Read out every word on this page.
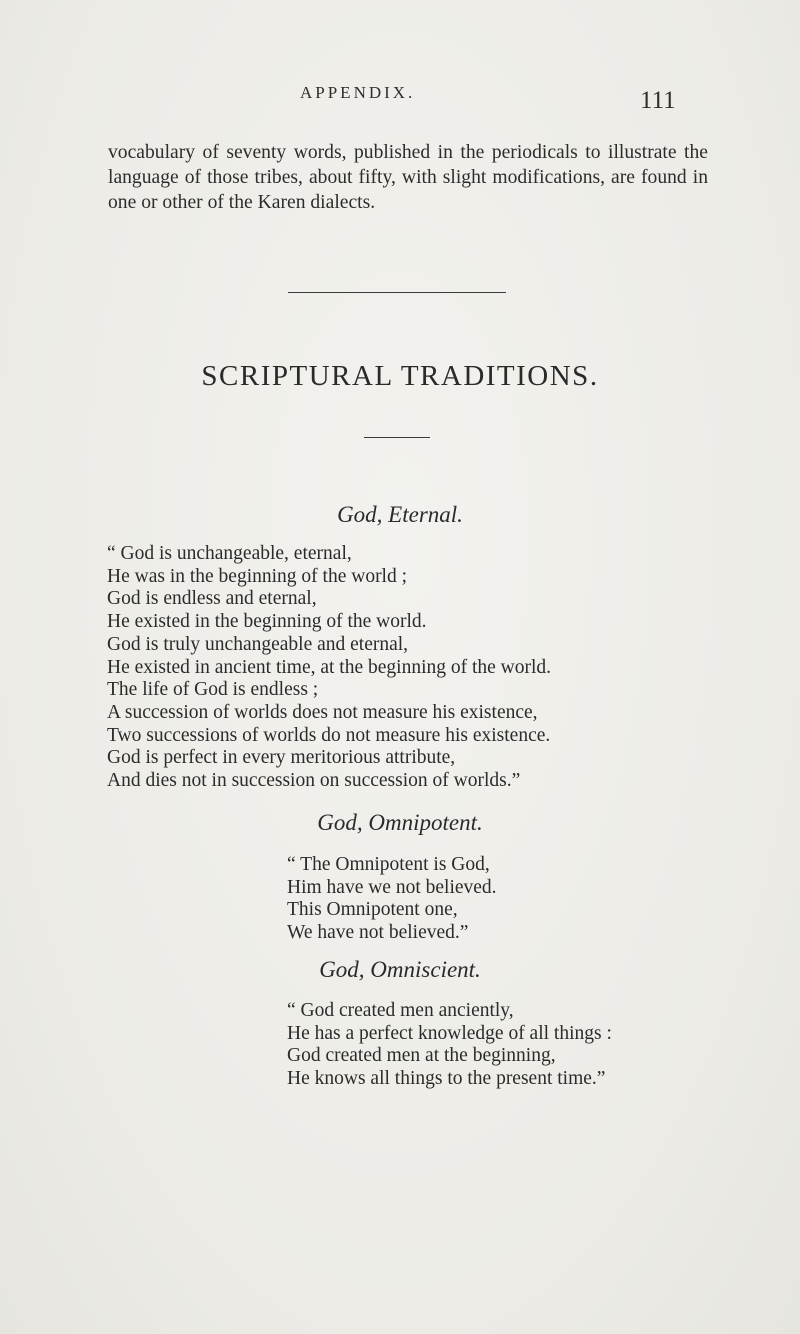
APPENDIX.	111

vocabulary of seventy words, published in the periodicals to illustrate the language of those tribes, about fifty, with slight modifications, are found in one or other of the Karen dialects.

SCRIPTURAL TRADITIONS.
God, Eternal.
“ God is unchangeable, eternal,
He was in the beginning of the world ;
God is endless and eternal,
He existed in the beginning of the world.
God is truly unchangeable and eternal,
He existed in ancient time, at the beginning of the world.
The life of God is endless ;
A succession of worlds does not measure his existence,
Two successions of worlds do not measure his existence.
God is perfect in every meritorious attribute,
And dies not in succession on succession of worlds.”
God, Omnipotent.
“ The Omnipotent is God,
Him have we not believed.
This Omnipotent one,
We have not believed.”
God, Omniscient.
“ God created men anciently,
He has a perfect knowledge of all things :
God created men at the beginning,
He knows all things to the present time.”
